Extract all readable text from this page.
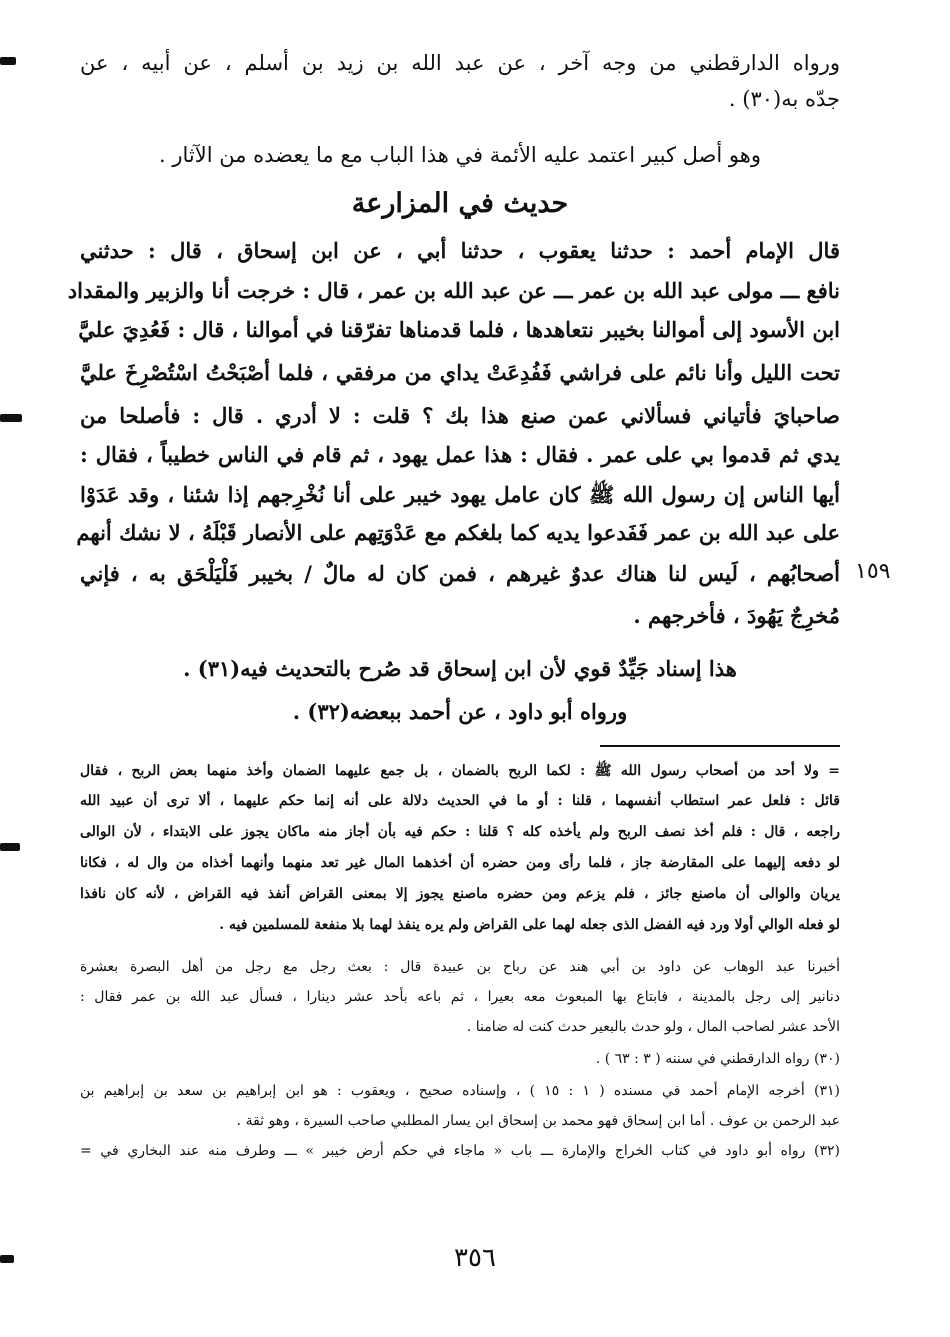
١٥٩
ورواه الدارقطني من وجه آخر ، عن عبد الله بن زيد بن أسلم ، عن أبيه ، عن
جدّه به(٣٠) .
وهو أصل كبير اعتمد عليه الأئمة في هذا الباب مع ما يعضده من الآثار .
حديث في المزارعة
قال الإمام أحمد : حدثنا يعقوب ، حدثنا أبي ، عن ابن إسحاق ، قال : حدثني
نافع ـــ مولى عبد الله بن عمر ـــ عن عبد الله بن عمر ، قال : خرجت أنا والزبير والمقداد
ابن الأسود إلى أموالنا بخيبر نتعاهدها ، فلما قدمناها تفرّقنا في أموالنا ، قال : فَعُدِيَ عليَّ
تحت الليل وأنا نائم على فراشي فَفُدِعَتْ يداي من مرفقي ، فلما أصْبَحْتُ اسْتُصْرِخَ عليَّ
صاحبايَ فأتياني فسألاني عمن صنع هذا بك ؟ قلت : لا أدري . قال : فأصلحا من
يدي ثم قدموا بي على عمر . فقال : هذا عمل يهود ، ثم قام في الناس خطيباً ، فقال :
أيها الناس إن رسول الله ﷺ كان عامل يهود خيبر على أنا نُخْرِجهم إذا شئنا ، وقد عَدَوْا
على عبد الله بن عمر فَفَدعوا يديه كما بلغكم مع عَدْوَتِهم على الأنصار قَبْلَهُ ، لا نشك أنهم
أصحابُهم ، لَيس لنا هناك عدوٌ غيرهم ، فمن كان له مالٌ / بخيبر فَلْيَلْحَق به ، فإني
مُخرِجٌ يَهُودَ ، فأخرجهم .
هذا إسناد جَيِّدٌ قوي لأن ابن إسحاق قد صُرح بالتحديث فيه(٣١) .
ورواه أبو داود ، عن أحمد ببعضه(٣٢) .
= ولا أحد من أصحاب رسول الله ﷺ : لكما الربح بالضمان ، بل جمع عليهما الضمان وأخذ منهما بعض الربح ، فقال
قائل : فلعل عمر استطاب أنفسهما ، قلنا : أو ما في الحديث دلالة على أنه إنما حكم عليهما ، ألا ترى أن عبيد الله
راجعه ، قال : فلم أخذ نصف الربح ولم يأخذه كله ؟ قلنا : حكم فيه بأن أجاز منه ماكان يجوز على الابتداء ، لأن الوالى
لو دفعه إليهما على المقارضة جاز ، فلما رأى ومن حضره أن أخذهما المال غير تعد منهما وأنهما أخذاه من وال له ، فكانا
يريان والوالى أن ماصنع جائز ، فلم يزعم ومن حضره ماصنع يجوز إلا بمعنى القراض أنفذ فيه القراض ، لأنه كان نافذا
لو فعله الوالي أولا ورد فيه الفضل الذى جعله لهما على القراض ولم يره ينفذ لهما بلا منفعة للمسلمين فيه .
أخبرنا عبد الوهاب عن داود بن أبي هند عن رباح بن عبيدة قال : بعث رجل مع رجل من أهل البصرة بعشرة
دنانير إلى رجل بالمدينة ، فابتاع بها المبعوث معه بعيرا ، ثم باعه بأحد عشر دينارا ، فسأل عبد الله بن عمر فقال :
الأحد عشر لصاحب المال ، ولو حدث بالبعير حدث كنت له ضامنا .
(٣٠) رواه الدارقطني في سننه ( ٣ : ٦٣ ) .
(٣١) أخرجه الإمام أحمد في مسنده ( ١ : ١٥ ) ، وإسناده صحيح ، ويعقوب : هو ابن إبراهيم بن سعد بن إبراهيم بن
عبد الرحمن بن عوف . أما ابن إسحاق فهو محمد بن إسحاق ابن يسار المطلبي صاحب السيرة ، وهو ثقة .
(٣٢) رواه أبو داود في كتاب الخراج والإمارة ـــ باب « ماجاء في حكم أرض خيبر » ـــ وطرف منه عند البخاري في =
٣٥٦
